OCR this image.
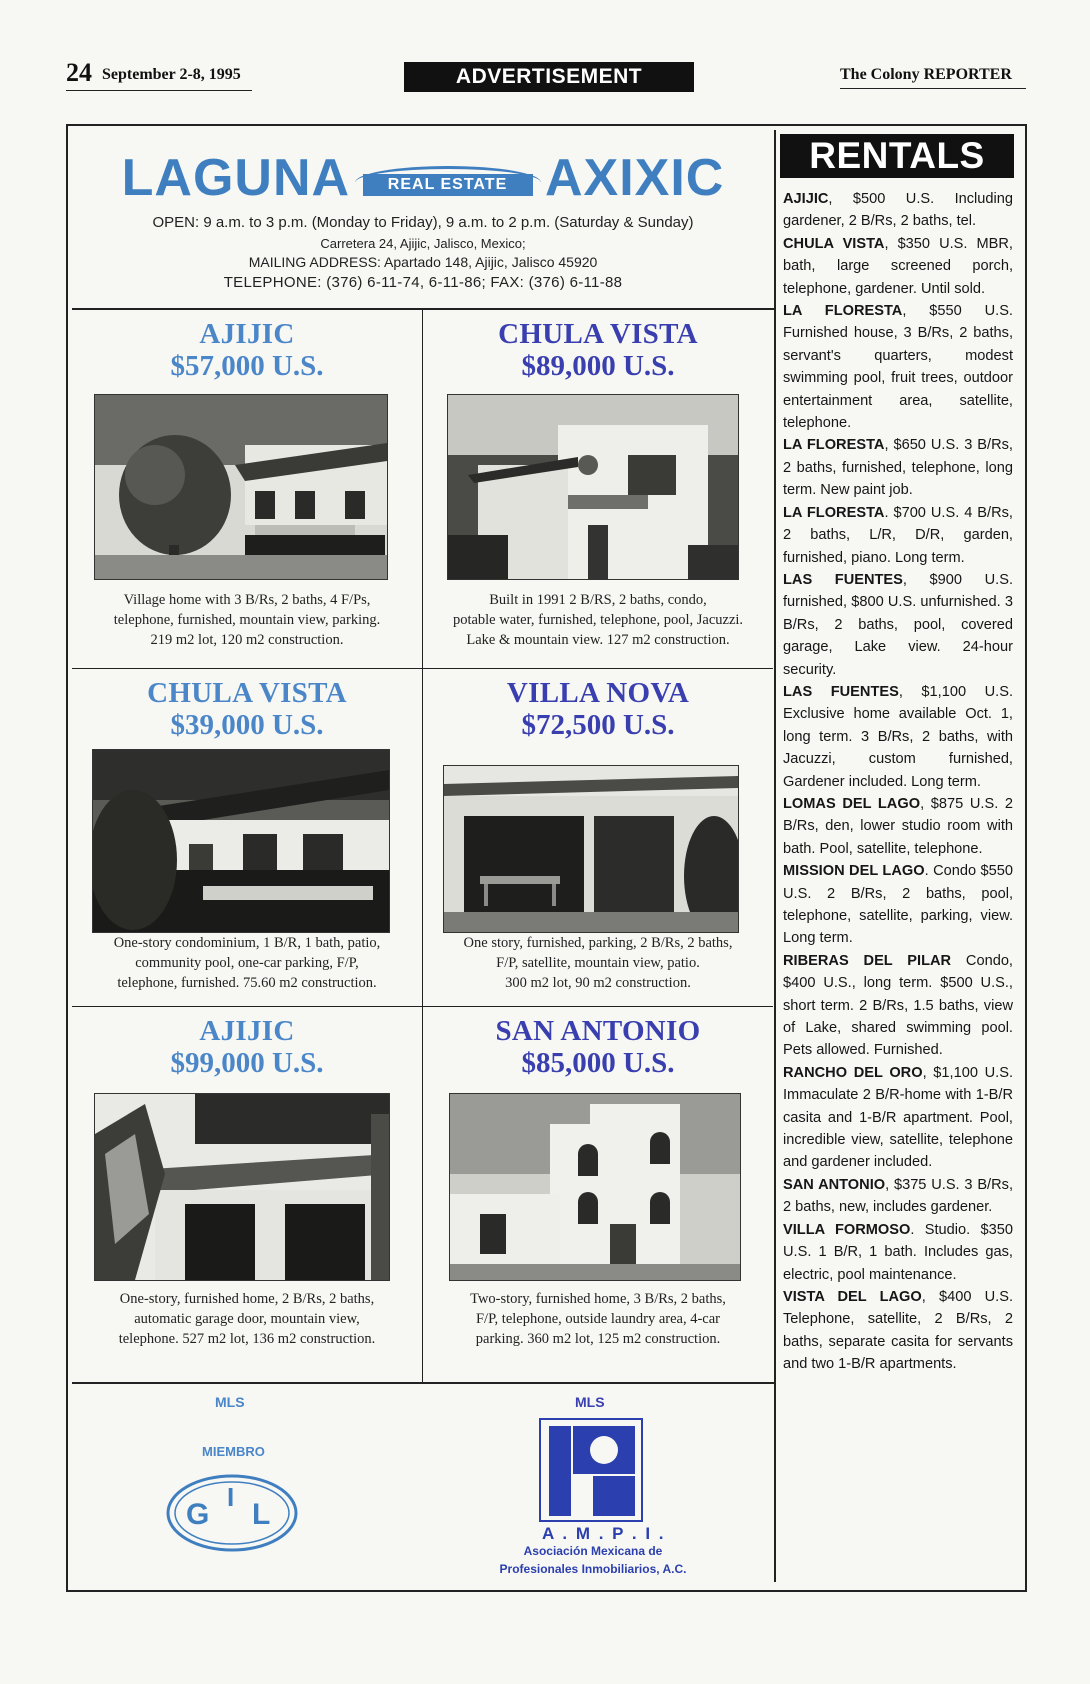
24 September 2-8, 1995	ADVERTISEMENT	The Colony REPORTER
LAGUNA	REAL ESTATE AXIXIC
OPEN: 9 a.m. to 3 p.m. (Monday to Friday), 9 a.m. to 2 p.m. (Saturday & Sunday)
Carretera 24, Ajijic, Jalisco, Mexico;
MAILING ADDRESS: Apartado 148, Ajijic, Jalisco 45920
TELEPHONE: (376) 6-11-74, 6-11-86; FAX: (376) 6-11-88
AJIJIC
$57,000 U.S.
Village home with 3 B/Rs, 2 baths, 4 F/Ps,
telephone, furnished, mountain view, parking.
219 m2 lot, 120 m2 construction.
CHULA VISTA
$89,000 U.S.
Built in 1991 2 B/RS, 2 baths, condo,
potable water, furnished, telephone, pool, Jacuzzi.
Lake & mountain view. 127 m2 construction.
CHULA VISTA
$39,000 U.S.
One-story condominium, 1 B/R, 1 bath, patio,
community pool, one-car parking, F/P,
telephone, furnished. 75.60 m2 construction.
VILLA NOVA
$72,500 U.S.
One story, furnished, parking, 2 B/Rs, 2 baths,
F/P, satellite, mountain view, patio.
300 m2 lot, 90 m2 construction.
AJIJIC
$99,000 U.S.
One-story, furnished home, 2 B/Rs, 2 baths,
automatic garage door, mountain view,
telephone. 527 m2 lot, 136 m2 construction.
SAN ANTONIO
$85,000 U.S.
Two-story, furnished home, 3 B/Rs, 2 baths,
F/P, telephone, outside laundry area, 4-car
parking. 360 m2 lot, 125 m2 construction.
MLS
MIEMBRO
G
I
L
MLS
A . M . P . I .
Asociación Mexicana de
Profesionales Inmobiliarios, A.C.
RENTALS

AJIJIC, $500 U.S. Including gardener, 2 B/Rs, 2 baths, tel.

CHULA VISTA, $350 U.S. MBR, bath, large screened porch, telephone, gardener. Until sold.

LA FLORESTA, $550 U.S. Furnished house, 3 B/Rs, 2 baths, servant's quarters, modest swimming pool, fruit trees, outdoor entertainment area, satellite, telephone.

LA FLORESTA, $650 U.S. 3 B/Rs, 2 baths, furnished, telephone, long term. New paint job.

LA FLORESTA. $700 U.S. 4 B/Rs, 2 baths, L/R, D/R, garden, furnished, piano. Long term.

LAS FUENTES, $900 U.S. furnished, $800 U.S. unfurnished. 3 B/Rs, 2 baths, pool, covered garage, Lake view. 24-hour security.

LAS FUENTES, $1,100 U.S. Exclusive home available Oct. 1, long term. 3 B/Rs, 2 baths, with Jacuzzi, custom furnished, Gardener included. Long term.

LOMAS DEL LAGO, $875 U.S. 2 B/Rs, den, lower studio room with bath. Pool, satellite, telephone.

MISSION DEL LAGO. Condo $550 U.S. 2 B/Rs, 2 baths, pool, telephone, satellite, parking, view. Long term.

RIBERAS DEL PILAR Condo, $400 U.S., long term. $500 U.S., short term. 2 B/Rs, 1.5 baths, view of Lake, shared swimming pool. Pets allowed. Furnished.

RANCHO DEL ORO, $1,100 U.S. Immaculate 2 B/R-home with 1-B/R casita and 1-B/R apartment. Pool, incredible view, satellite, telephone and gardener included.

SAN ANTONIO, $375 U.S. 3 B/Rs, 2 baths, new, includes gardener.

VILLA FORMOSO. Studio. $350 U.S. 1 B/R, 1 bath. Includes gas, electric, pool maintenance.

VISTA DEL LAGO, $400 U.S. Telephone, satellite, 2 B/Rs, 2 baths, separate casita for servants and two 1-B/R apartments.
